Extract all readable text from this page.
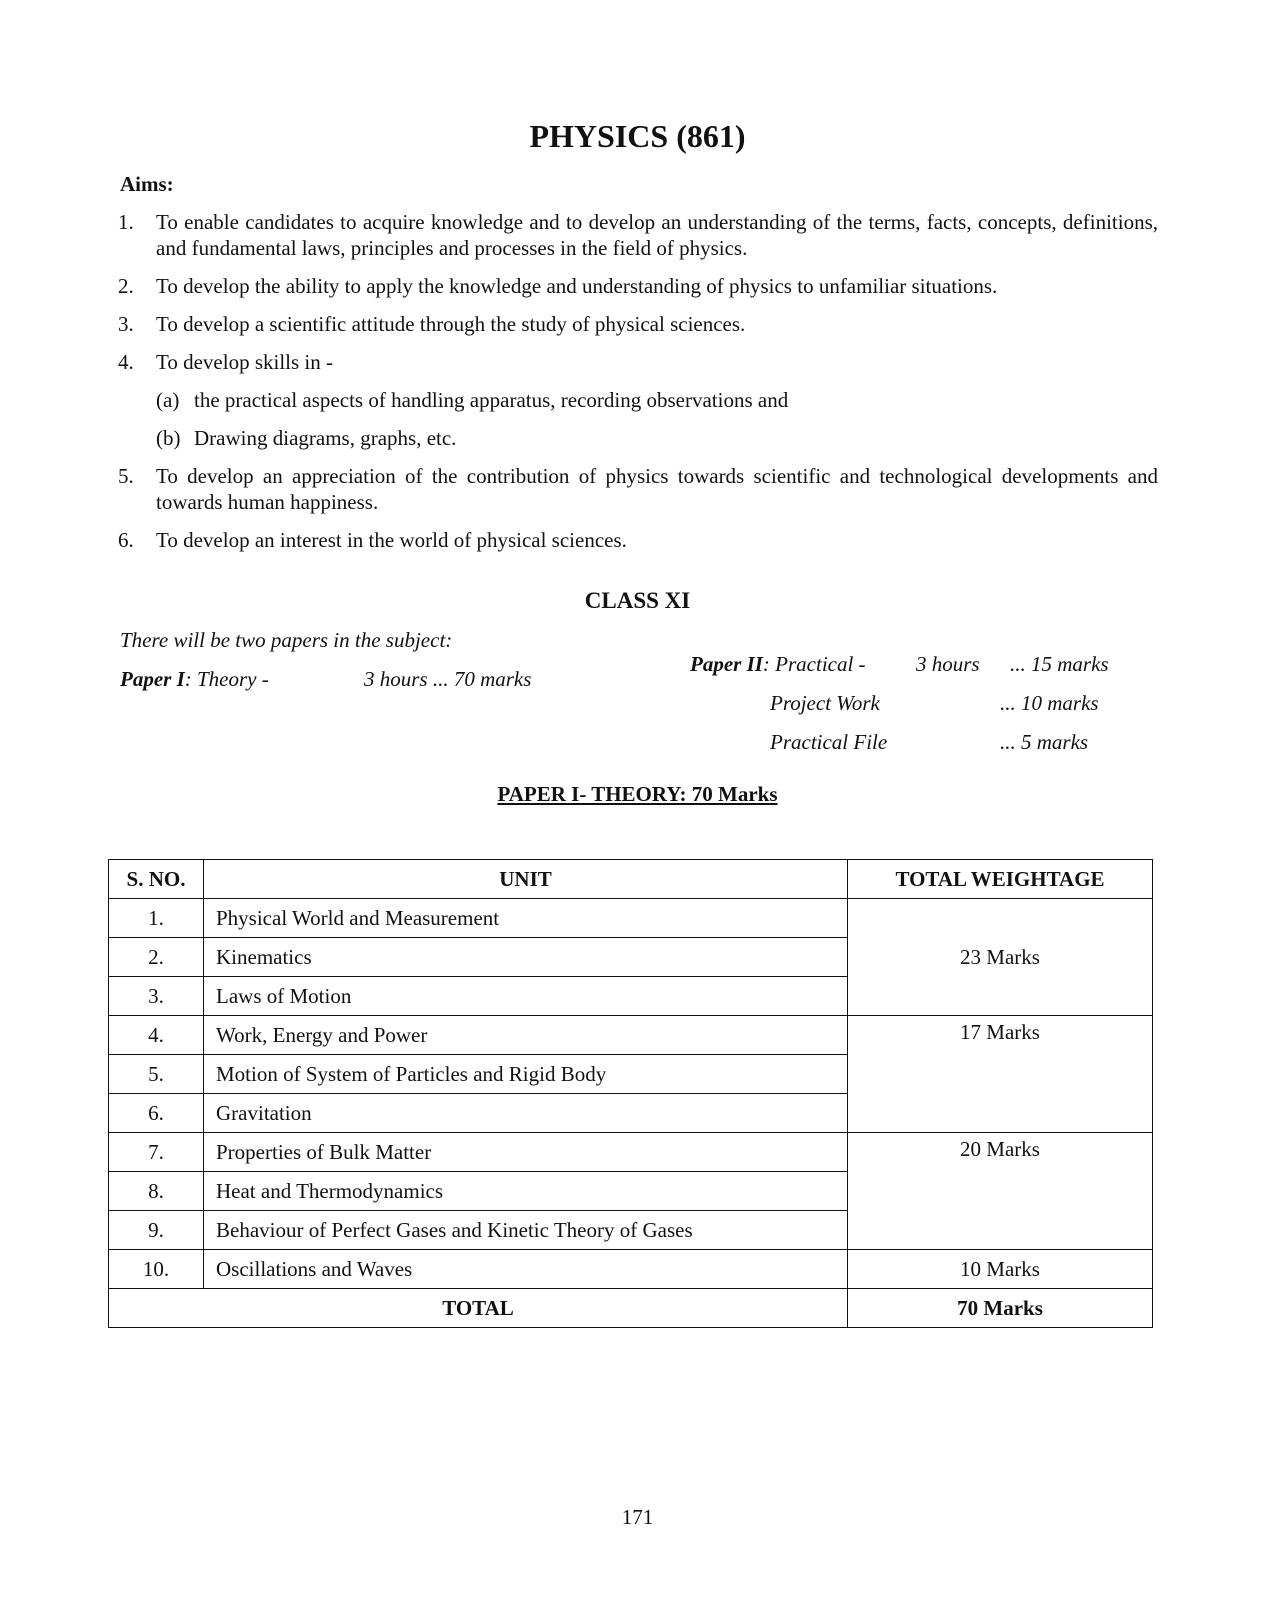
PHYSICS (861)
Aims:
1.	To enable candidates to acquire knowledge and to develop an understanding of the terms, facts, concepts, definitions, and fundamental laws, principles and processes in the field of physics.
2.	To develop the ability to apply the knowledge and understanding of physics to unfamiliar situations.
3.	To develop a scientific attitude through the study of physical sciences.
4.	To develop skills in -
(a) the practical aspects of handling apparatus, recording observations and
(b) Drawing diagrams, graphs, etc.
5.	To develop an appreciation of the contribution of physics towards scientific and technological developments and towards human happiness.
6.	To develop an interest in the world of physical sciences.
CLASS XI
There will be two papers in the subject:
Paper I: Theory -	3 hours ... 70 marks
Paper II: Practical - 3 hours ... 15 marks
Project Work	... 10 marks
Practical File	... 5 marks
PAPER I- THEORY: 70 Marks
S. NO.	UNIT	TOTAL WEIGHTAGE
1.	Physical World and Measurement	23 Marks
2.	Kinematics	
3.	Laws of Motion	
4.	Work, Energy and Power	17 Marks
5.	Motion of System of Particles and Rigid Body	
6.	Gravitation	
7.	Properties of Bulk Matter	20 Marks
8.	Heat and Thermodynamics	
9.	Behaviour of Perfect Gases and Kinetic Theory of Gases	
10.	Oscillations and Waves	10 Marks
TOTAL		70 Marks
171
